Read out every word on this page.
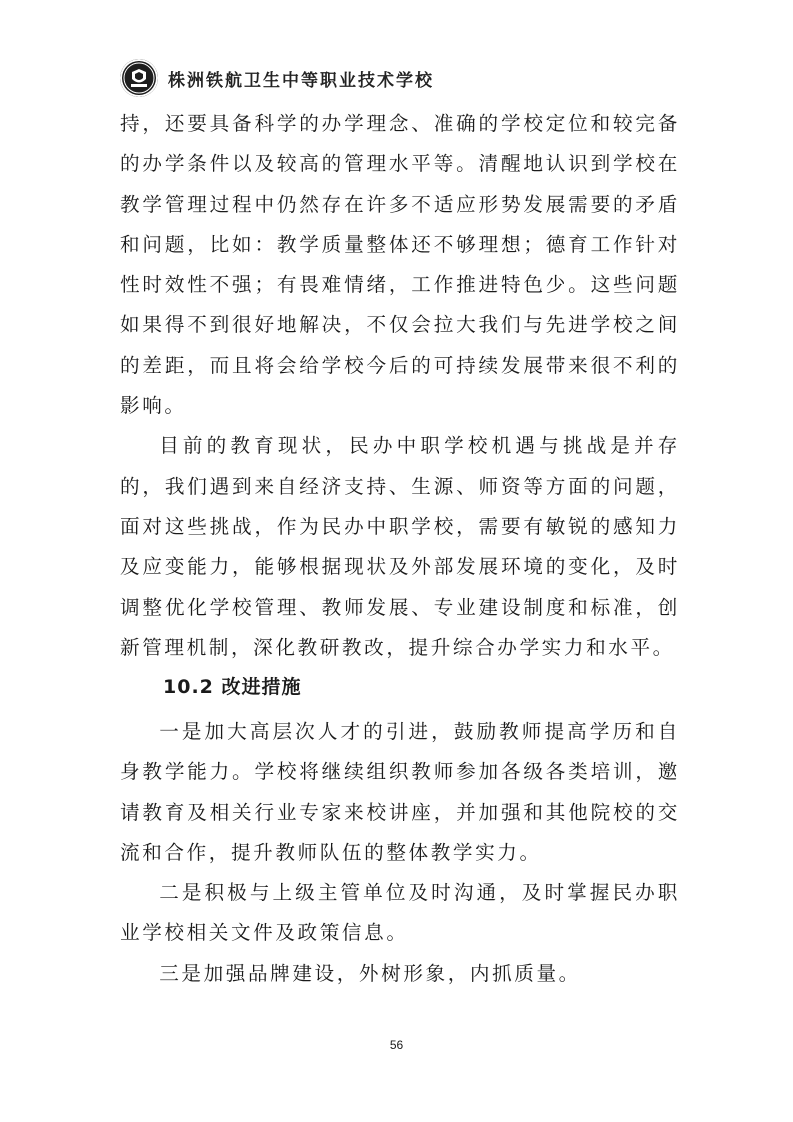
株洲铁航卫生中等职业技术学校

持，还要具备科学的办学理念、准确的学校定位和较完备的办学条件以及较高的管理水平等。清醒地认识到学校在教学管理过程中仍然存在许多不适应形势发展需要的矛盾和问题，比如：教学质量整体还不够理想；德育工作针对性时效性不强；有畏难情绪，工作推进特色少。这些问题如果得不到很好地解决，不仅会拉大我们与先进学校之间的差距，而且将会给学校今后的可持续发展带来很不利的影响。

目前的教育现状，民办中职学校机遇与挑战是并存的，我们遇到来自经济支持、生源、师资等方面的问题，面对这些挑战，作为民办中职学校，需要有敏锐的感知力及应变能力，能够根据现状及外部发展环境的变化，及时调整优化学校管理、教师发展、专业建设制度和标准，创新管理机制，深化教研教改，提升综合办学实力和水平。

10.2 改进措施

一是加大高层次人才的引进，鼓励教师提高学历和自身教学能力。学校将继续组织教师参加各级各类培训，邀请教育及相关行业专家来校讲座，并加强和其他院校的交流和合作，提升教师队伍的整体教学实力。

二是积极与上级主管单位及时沟通，及时掌握民办职业学校相关文件及政策信息。

三是加强品牌建设，外树形象，内抓质量。

56
